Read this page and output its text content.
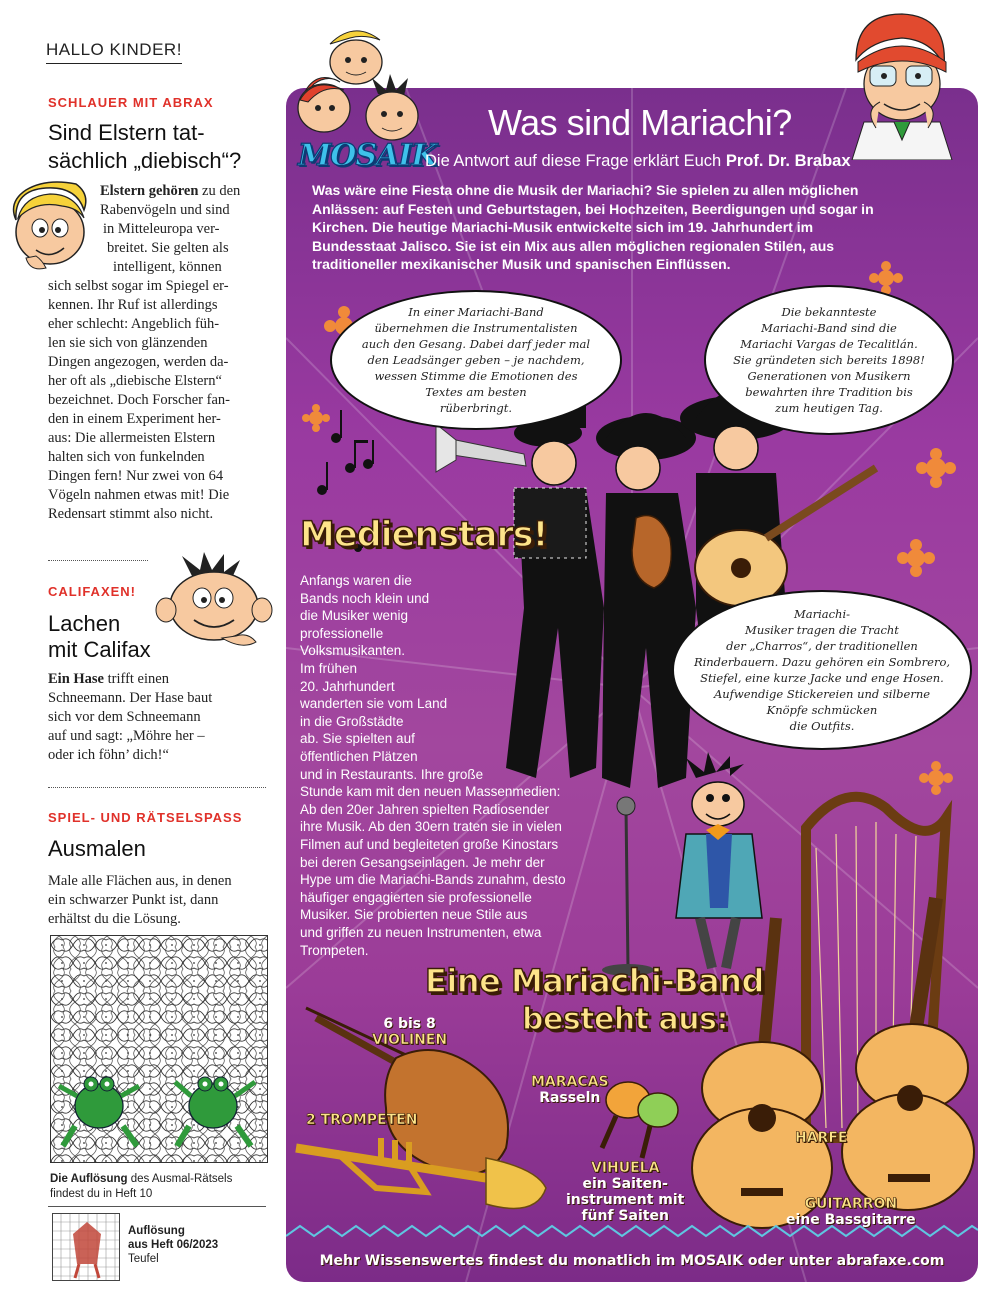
HALLO KINDER!
SCHLAUER MIT ABRAX
Sind Elstern tat-
sächlich „diebisch“?
Elstern gehören zu den
Rabenvögeln und sind
in Mitteleuropa ver-
breitet. Sie gelten als
intelligent, können
sich selbst sogar im Spiegel er-
kennen. Ihr Ruf ist allerdings
eher schlecht: Angeblich füh-
len sie sich von glänzenden
Dingen angezogen, werden da-
her oft als „diebische Elstern“
bezeichnet. Doch Forscher fan-
den in einem Experiment her-
aus: Die allermeisten Elstern
halten sich von funkelnden
Dingen fern! Nur zwei von 64
Vögeln nahmen etwas mit! Die
Redensart stimmt also nicht.
CALIFAXEN!
Lachen
mit Califax
Ein Hase trifft einen
Schneemann. Der Hase baut
sich vor dem Schneemann
auf und sagt: „Möhre her –
oder ich föhn’ dich!“
SPIEL- UND RÄTSELSPASS
Ausmalen
Male alle Flächen aus, in denen
ein schwarzer Punkt ist, dann
erhältst du die Lösung.
Die Auflösung des Ausmal-Rätsels
findest du in Heft 10
Auflösung
aus Heft 06/2023
Teufel
MOSAIK
Was sind Mariachi?
Die Antwort auf diese Frage erklärt Euch Prof. Dr. Brabax
Was wäre eine Fiesta ohne die Musik der Mariachi? Sie spielen zu allen möglichen
Anlässen: auf Festen und Geburtstagen, bei Hochzeiten, Beerdigungen und sogar in
Kirchen. Die heutige Mariachi-Musik entwickelte sich im 19. Jahrhundert im
Bundesstaat Jalisco. Sie ist ein Mix aus allen möglichen regionalen Stilen, aus
traditioneller mexikanischer Musik und spanischen Einflüssen.
In einer Mariachi-Band
übernehmen die Instrumentalisten
auch den Gesang. Dabei darf jeder mal
den Leadsänger geben – je nachdem,
wessen Stimme die Emotionen des
Textes am besten
rüberbringt.
Die bekannteste
Mariachi-Band sind die
Mariachi Vargas de Tecalitlán.
Sie gründeten sich bereits 1898!
Generationen von Musikern
bewahrten ihre Tradition bis
zum heutigen Tag.
Mariachi-
Musiker tragen die Tracht
der „Charros“, der traditionellen
Rinderbauern. Dazu gehören ein Sombrero,
Stiefel, eine kurze Jacke und enge Hosen.
Aufwendige Stickereien und silberne
Knöpfe schmücken
die Outfits.
Medienstars!
Anfangs waren die
Bands noch klein und
die Musiker wenig
professionelle
Volksmusikanten.
Im frühen
20. Jahrhundert
wanderten sie vom Land
in die Großstädte
ab. Sie spielten auf
öffentlichen Plätzen
und in Restaurants. Ihre große
Stunde kam mit den neuen Massenmedien:
Ab den 20er Jahren spielten Radiosender
ihre Musik. Ab den 30ern traten sie in vielen
Filmen auf und begleiteten große Kinostars
bei deren Gesangseinlagen. Je mehr der
Hype um die Mariachi-Bands zunahm, desto
häufiger engagierten sie professionelle
Musiker. Sie probierten neue Stile aus
und griffen zu neuen Instrumenten, etwa
Trompeten.
Eine Mariachi-Band
besteht aus:
6 bis 8
VIOLINEN
2 TROMPETEN
MARACAS
Rasseln
HARFE
VIHUELA
ein Saiten-
instrument mit
fünf Saiten
GUITARRON
eine Bassgitarre
Mehr Wissenswertes findest du monatlich im MOSAIK oder unter abrafaxe.com
